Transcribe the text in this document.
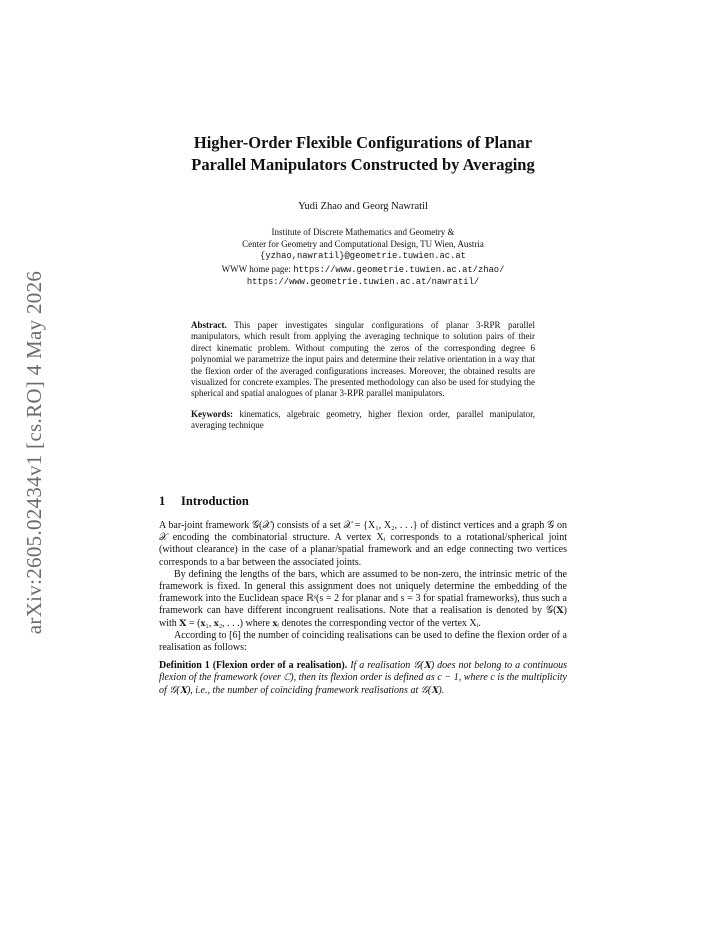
arXiv:2605.02434v1 [cs.RO] 4 May 2026
Higher-Order Flexible Configurations of Planar
Parallel Manipulators Constructed by Averaging
Yudi Zhao and Georg Nawratil
Institute of Discrete Mathematics and Geometry &
Center for Geometry and Computational Design, TU Wien, Austria
{yzhao,nawratil}@geometrie.tuwien.ac.at
WWW home page: https://www.geometrie.tuwien.ac.at/zhao/
https://www.geometrie.tuwien.ac.at/nawratil/

Abstract. This paper investigates singular configurations of planar 3-RPR parallel manipulators, which result from applying the averaging technique to solution pairs of their direct kinematic problem. Without computing the zeros of the corresponding degree 6 polynomial we parametrize the input pairs and determine their relative orientation in a way that the flexion order of the averaged configurations increases. Moreover, the obtained results are visualized for concrete examples. The presented methodology can also be used for studying the spherical and spatial analogues of planar 3-RPR parallel manipulators.

Keywords: kinematics, algebraic geometry, higher flexion order, parallel manipulator, averaging technique

1 Introduction

A bar-joint framework 𝒢(𝒳) consists of a set 𝒳 = {X₁, X₂, . . .} of distinct vertices and a graph 𝒢 on 𝒳 encoding the combinatorial structure. A vertex Xᵢ corresponds to a rotational/spherical joint (without clearance) in the case of a planar/spatial framework and an edge connecting two vertices corresponds to a bar between the associated joints.

By defining the lengths of the bars, which are assumed to be non-zero, the intrinsic metric of the framework is fixed. In general this assignment does not uniquely determine the embedding of the framework into the Euclidean space ℝˢ(s = 2 for planar and s = 3 for spatial frameworks), thus such a framework can have different incongruent realisations. Note that a realisation is denoted by 𝒢(𝐗) with 𝐗 = (𝐱₁, 𝐱₂, . . .) where 𝐱ᵢ denotes the corresponding vector of the vertex Xᵢ.

According to [6] the number of coinciding realisations can be used to define the flexion order of a realisation as follows:

Definition 1 (Flexion order of a realisation). If a realisation 𝒢(𝐗) does not belong to a continuous flexion of the framework (over ℂ), then its flexion order is defined as c − 1, where c is the multiplicity of 𝒢(𝐗), i.e., the number of coinciding framework realisations at 𝒢(𝐗).
